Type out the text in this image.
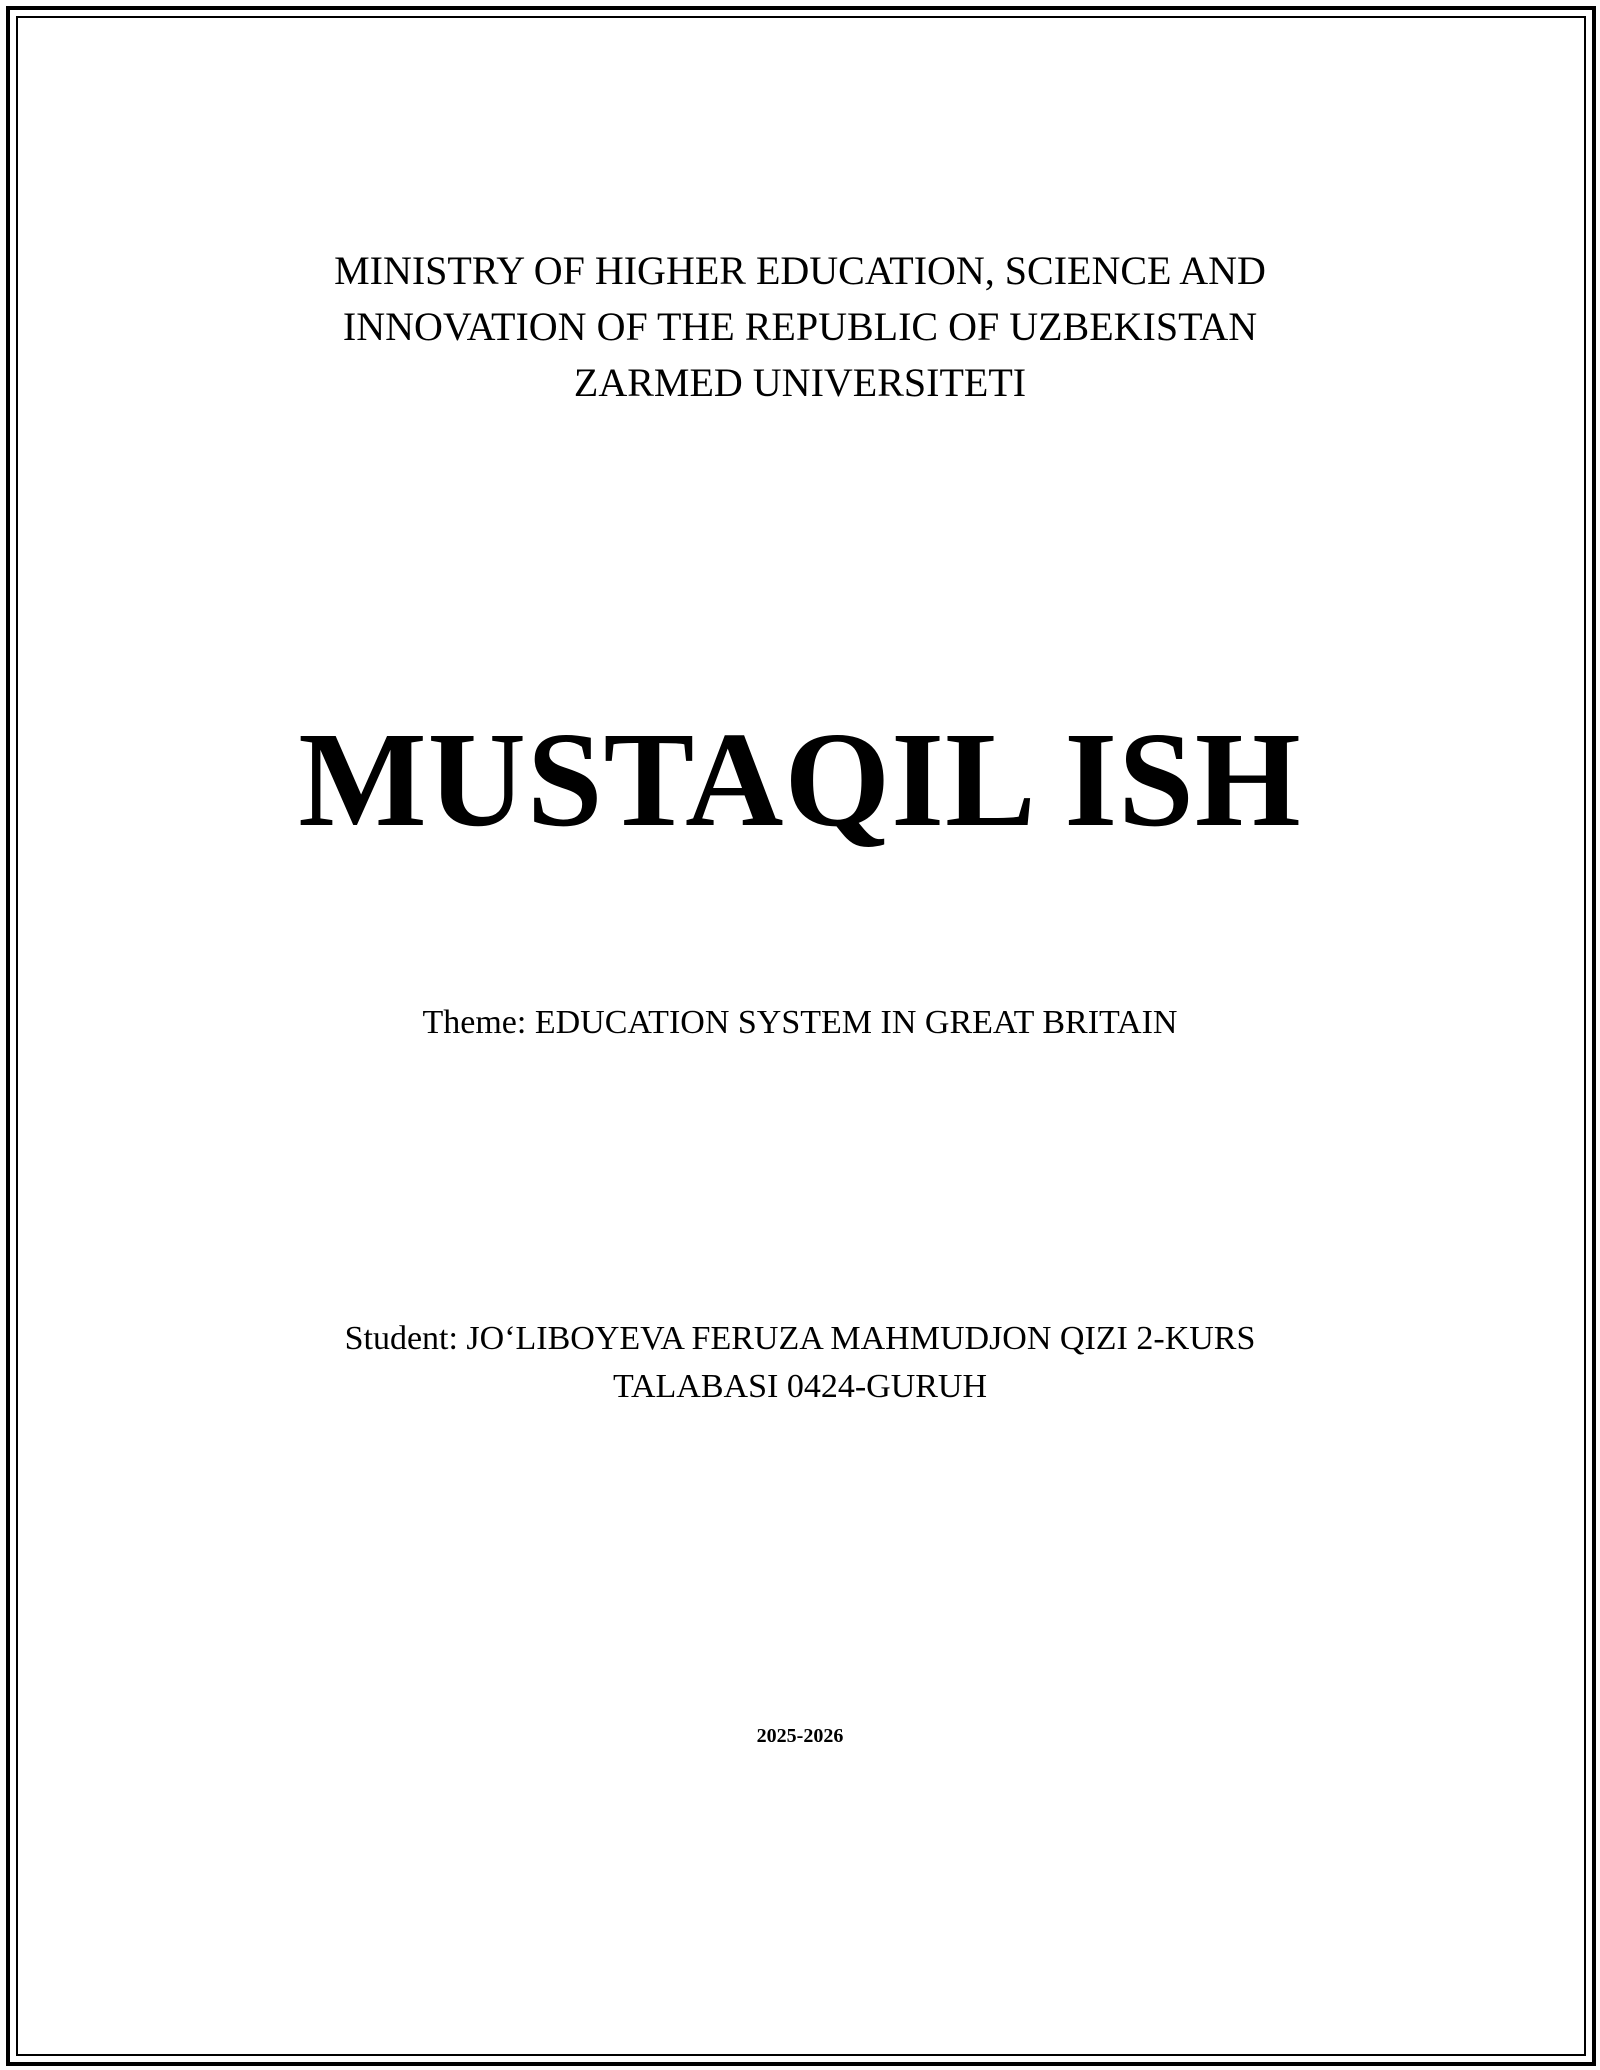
MINISTRY OF HIGHER EDUCATION, SCIENCE AND
INNOVATION OF THE REPUBLIC OF UZBEKISTAN
ZARMED UNIVERSITETI
MUSTAQIL ISH
Theme: EDUCATION SYSTEM IN GREAT BRITAIN
Student: JO‘LIBOYEVA FERUZA MAHMUDJON QIZI 2-KURS
TALABASI 0424-GURUH
2025-2026
